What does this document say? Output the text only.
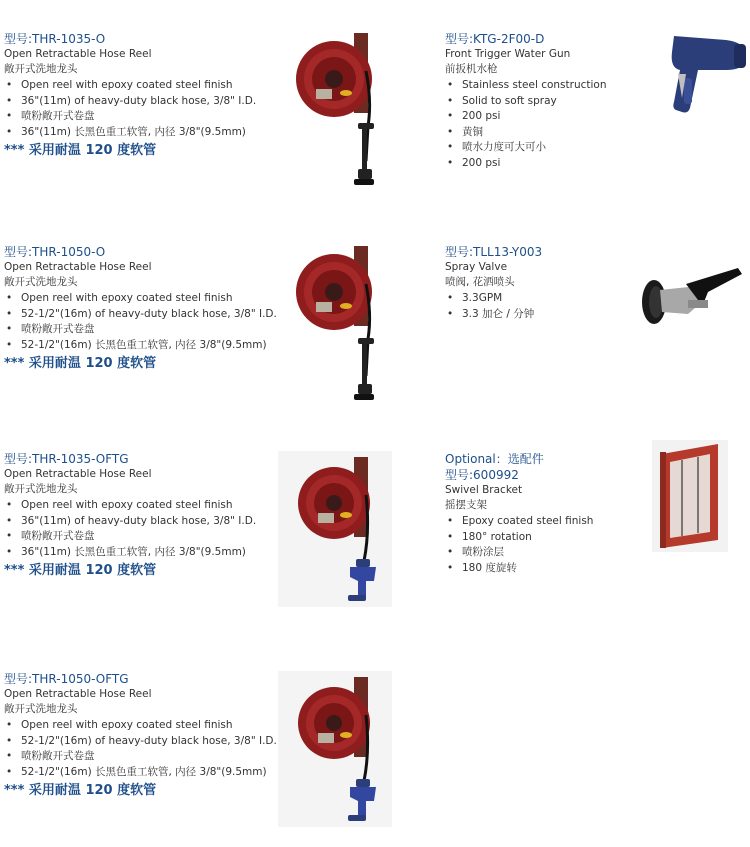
型号:THR-1035-O
Open Retractable Hose Reel
敞开式洗地龙头
• Open reel with epoxy coated steel finish
• 36"(11m) of heavy-duty black hose, 3/8" I.D.
• 喷粉敞开式卷盘
• 36"(11m) 长黑色重工软管, 内径 3/8"(9.5mm)
*** 采用耐温 120 度软管
型号:THR-1050-O
Open Retractable Hose Reel
敞开式洗地龙头
• Open reel with epoxy coated steel finish
• 52-1/2"(16m) of heavy-duty black hose, 3/8" I.D.
• 喷粉敞开式卷盘
• 52-1/2"(16m) 长黑色重工软管, 内径 3/8"(9.5mm)
*** 采用耐温 120 度软管
型号:THR-1035-OFTG
Open Retractable Hose Reel
敞开式洗地龙头
• Open reel with epoxy coated steel finish
• 36"(11m) of heavy-duty black hose, 3/8" I.D.
• 喷粉敞开式卷盘
• 36"(11m) 长黑色重工软管, 内径 3/8"(9.5mm)
*** 采用耐温 120 度软管
型号:THR-1050-OFTG
Open Retractable Hose Reel
敞开式洗地龙头
• Open reel with epoxy coated steel finish
• 52-1/2"(16m) of heavy-duty black hose, 3/8" I.D.
• 喷粉敞开式卷盘
• 52-1/2"(16m) 长黑色重工软管, 内径 3/8"(9.5mm)
*** 采用耐温 120 度软管
型号:KTG-2F00-D
Front Trigger Water Gun
前扳机水枪
• Stainless steel construction
• Solid to soft spray
• 200 psi
• 黄铜
• 喷水力度可大可小
• 200 psi
型号:TLL13-Y003
Spray Valve
喷阀, 花洒喷头
• 3.3GPM
• 3.3 加仑 / 分钟
Optional：选配件
型号:600992
Swivel Bracket
摇摆支架
• Epoxy coated steel finish
• 180° rotation
• 喷粉涂层
• 180 度旋转
